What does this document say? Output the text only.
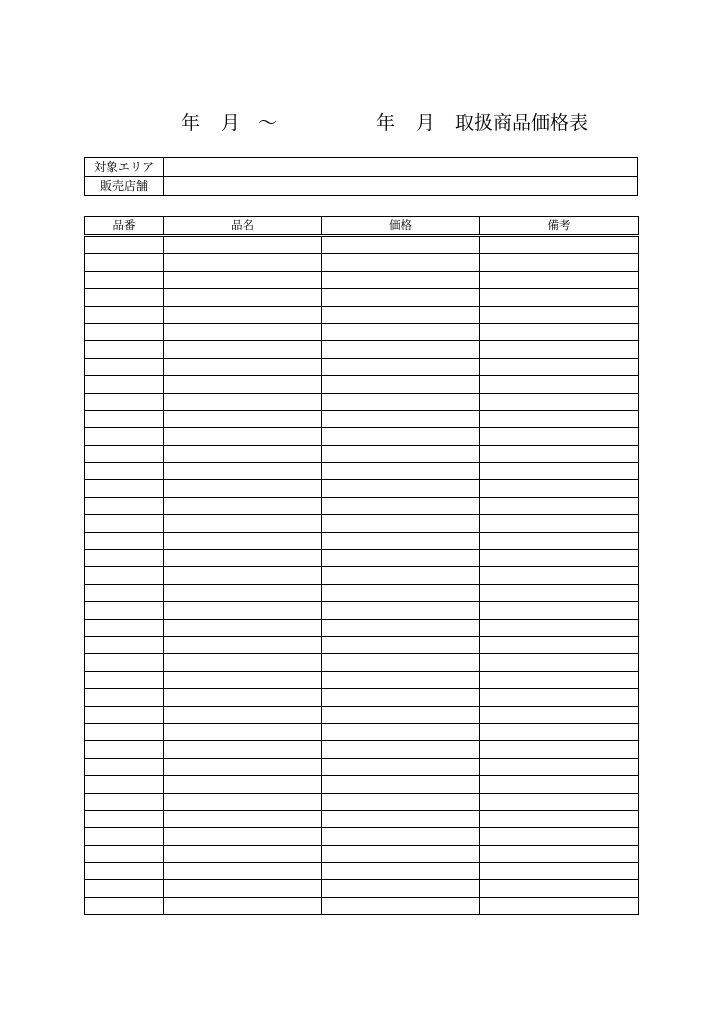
年 月 ～	年 月 取扱商品価格表
対象エリア	
販売店舗	
品番	品名	価格	備考
